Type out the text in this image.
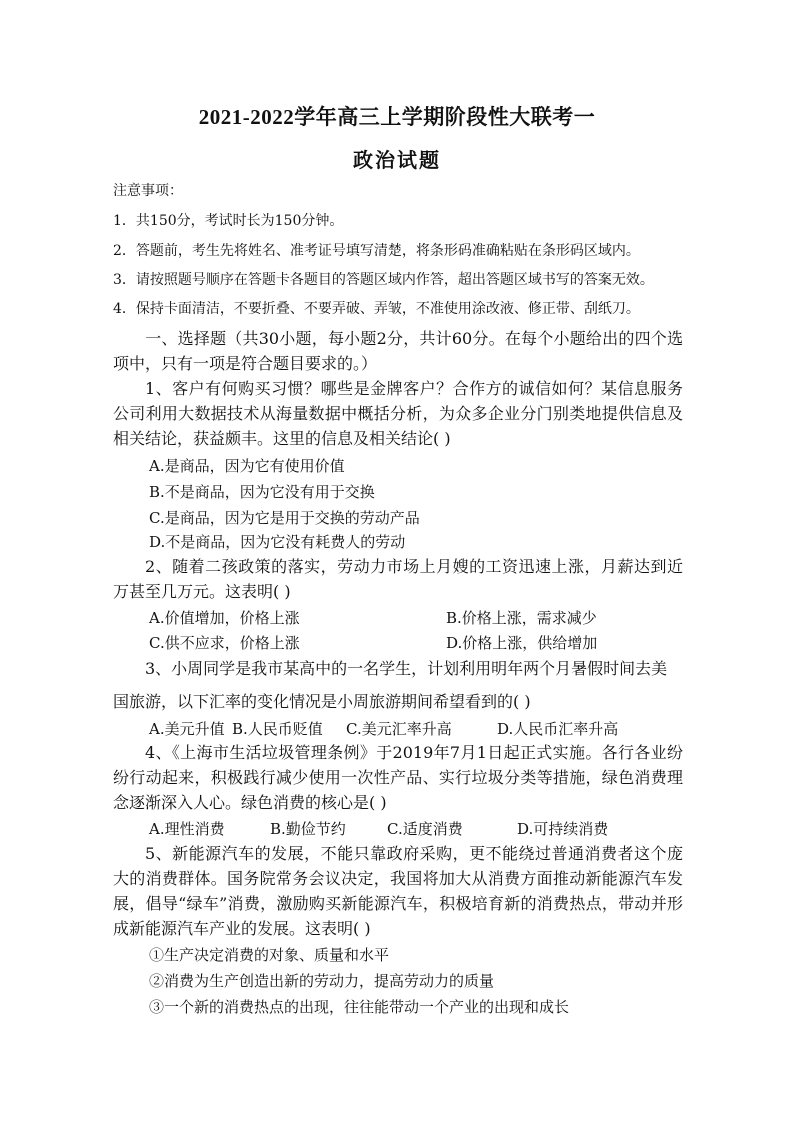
2021-2022学年高三上学期阶段性大联考一
政治试题
注意事项：
1．共150分，考试时长为150分钟。
2．答题前，考生先将姓名、准考证号填写清楚，将条形码准确粘贴在条形码区域内。
3．请按照题号顺序在答题卡各题目的答题区域内作答，超出答题区域书写的答案无效。
4．保持卡面清洁，不要折叠、不要弄破、弄皱，不准使用涂改液、修正带、刮纸刀。
一、选择题（共30小题，每小题2分，共计60分。在每个小题给出的四个选项中，只有一项是符合题目要求的。）
1、客户有何购买习惯？哪些是金牌客户？合作方的诚信如何？某信息服务公司利用大数据技术从海量数据中概括分析，为众多企业分门别类地提供信息及相关结论，获益颇丰。这里的信息及相关结论( )
A.是商品，因为它有使用价值
B.不是商品，因为它没有用于交换
C.是商品，因为它是用于交换的劳动产品
D.不是商品，因为它没有耗费人的劳动
2、随着二孩政策的落实，劳动力市场上月嫂的工资迅速上涨，月薪达到近万甚至几万元。这表明( )
A.价值增加，价格上涨	B.价格上涨，需求减少
C.供不应求，价格上涨	D.价格上涨，供给增加
3、小周同学是我市某高中的一名学生，计划利用明年两个月暑假时间去美
国旅游，以下汇率的变化情况是小周旅游期间希望看到的( )
A.美元升值 B.人民币贬值 C.美元汇率升高	D.人民币汇率升高
4、《上海市生活垃圾管理条例》于2019年7月1日起正式实施。各行各业纷纷行动起来，积极践行减少使用一次性产品、实行垃圾分类等措施，绿色消费理念逐渐深入人心。绿色消费的核心是( )
A.理性消费	B.勤俭节约	C.适度消费	D.可持续消费
5、新能源汽车的发展，不能只靠政府采购，更不能绕过普通消费者这个庞大的消费群体。国务院常务会议决定，我国将加大从消费方面推动新能源汽车发展，倡导“绿车”消费，激励购买新能源汽车，积极培育新的消费热点，带动并形成新能源汽车产业的发展。这表明( )
①生产决定消费的对象、质量和水平
②消费为生产创造出新的劳动力，提高劳动力的质量
③一个新的消费热点的出现，往往能带动一个产业的出现和成长
